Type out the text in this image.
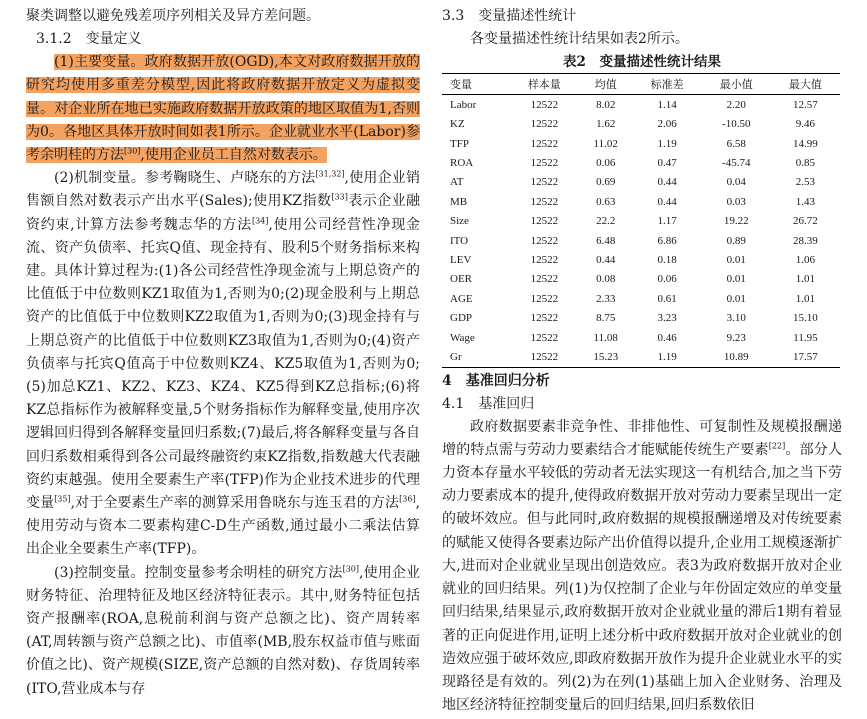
聚类调整以避免残差项序列相关及异方差问题。

3.1.2　变量定义

(1)主要变量。政府数据开放(OGD),本文对政府数据开放的研究均使用多重差分模型,因此将政府数据开放定义为虚拟变量。对企业所在地已实施政府数据开放政策的地区取值为1,否则为0。各地区具体开放时间如表1所示。企业就业水平(Labor)参考余明桂的方法[30],使用企业员工自然对数表示。

(2)机制变量。参考鞠晓生、卢晓东的方法[31,32],使用企业销售额自然对数表示产出水平(Sales);使用KZ指数[33]表示企业融资约束,计算方法参考魏志华的方法[34],使用公司经营性净现金流、资产负债率、托宾Q值、现金持有、股利5个财务指标来构建。具体计算过程为:(1)各公司经营性净现金流与上期总资产的比值低于中位数则KZ1取值为1,否则为0;(2)现金股利与上期总资产的比值低于中位数则KZ2取值为1,否则为0;(3)现金持有与上期总资产的比值低于中位数则KZ3取值为1,否则为0;(4)资产负债率与托宾Q值高于中位数则KZ4、KZ5取值为1,否则为0;(5)加总KZ1、KZ2、KZ3、KZ4、KZ5得到KZ总指标;(6)将KZ总指标作为被解释变量,5个财务指标作为解释变量,使用序次逻辑回归得到各解释变量回归系数;(7)最后,将各解释变量与各自回归系数相乘得到各公司最终融资约束KZ指数,指数越大代表融资约束越强。使用全要素生产率(TFP)作为企业技术进步的代理变量[35],对于全要素生产率的测算采用鲁晓东与连玉君的方法[36],使用劳动与资本二要素构建C-D生产函数,通过最小二乘法估算出企业全要素生产率(TFP)。

(3)控制变量。控制变量参考余明桂的研究方法[30],使用企业财务特征、治理特征及地区经济特征表示。其中,财务特征包括资产报酬率(ROA,息税前利润与资产总额之比)、资产周转率(AT,周转额与资产总额之比)、市值率(MB,股东权益市值与账面价值之比)、资产规模(SIZE,资产总额的自然对数)、存货周转率(ITO,营业成本与存

3.3　变量描述性统计

各变量描述性统计结果如表2所示。

表2　变量描述性统计结果

变量	样本量	均值	标准差	最小值	最大值
Labor	12522	8.02	1.14	2.20	12.57
KZ	12522	1.62	2.06	-10.50	9.46
TFP	12522	11.02	1.19	6.58	14.99
ROA	12522	0.06	0.47	-45.74	0.85
AT	12522	0.69	0.44	0.04	2.53
MB	12522	0.63	0.44	0.03	1.43
Size	12522	22.2	1.17	19.22	26.72
ITO	12522	6.48	6.86	0.89	28.39
LEV	12522	0.44	0.18	0.01	1.06
OER	12522	0.08	0.06	0.01	1.01
AGE	12522	2.33	0.61	0.01	1.01
GDP	12522	8.75	3.23	3.10	15.10
Wage	12522	11.08	0.46	9.23	11.95
Gr	12522	15.23	1.19	10.89	17.57

4　基准回归分析

4.1　基准回归

政府数据要素非竞争性、非排他性、可复制性及规模报酬递增的特点需与劳动力要素结合才能赋能传统生产要素[22]。部分人力资本存量水平较低的劳动者无法实现这一有机结合,加之当下劳动力要素成本的提升,使得政府数据开放对劳动力要素呈现出一定的破坏效应。但与此同时,政府数据的规模报酬递增及对传统要素的赋能又使得各要素边际产出价值得以提升,企业用工规模逐渐扩大,进而对企业就业呈现出创造效应。表3为政府数据开放对企业就业的回归结果。列(1)为仅控制了企业与年份固定效应的单变量回归结果,结果显示,政府数据开放对企业就业量的滞后1期有着显著的正向促进作用,证明上述分析中政府数据开放对企业就业的创造效应强于破坏效应,即政府数据开放作为提升企业就业水平的实现路径是有效的。列(2)为在列(1)基础上加入企业财务、治理及地区经济特征控制变量后的回归结果,回归系数依旧
